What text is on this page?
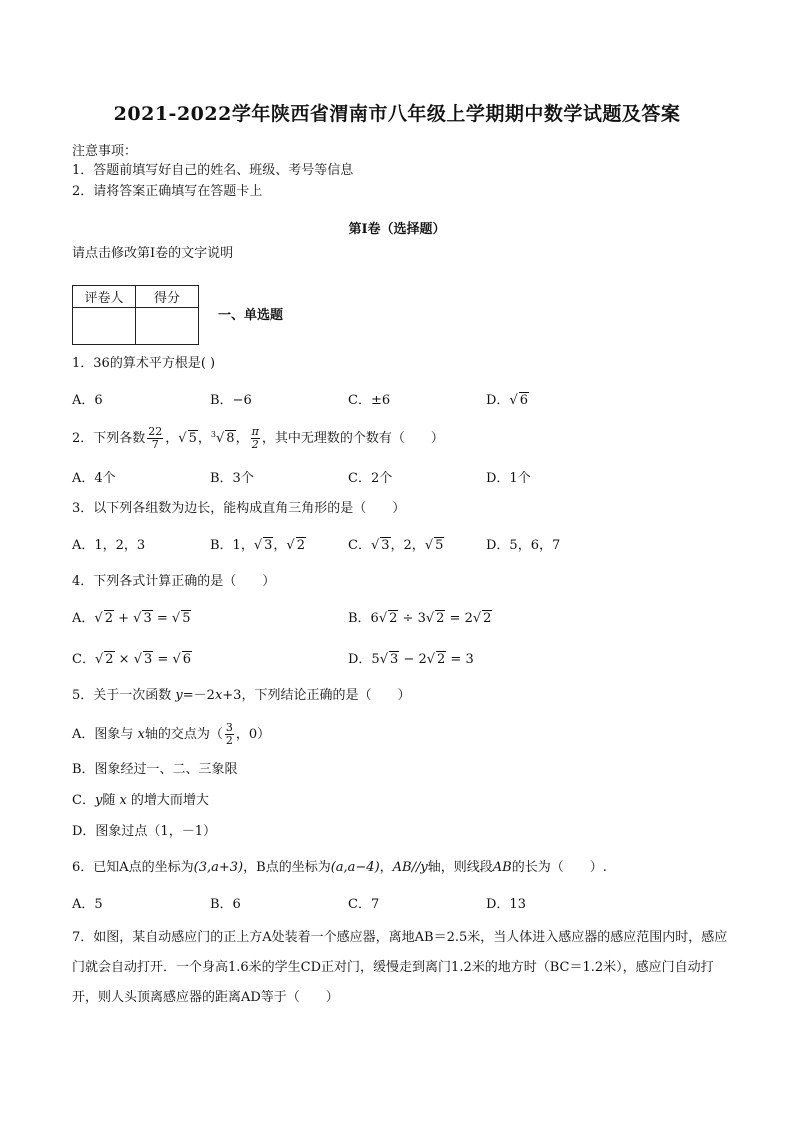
2021-2022学年陕西省渭南市八年级上学期期中数学试题及答案
注意事项：
1．答题前填写好自己的姓名、班级、考号等信息
2．请将答案正确填写在答题卡上
第I卷（选择题）
请点击修改第I卷的文字说明
评卷人	得分

一、单选题
1．36的算术平方根是( )
A．6	B．−6	C．±6	D．√ 6
2．下列各数 $\frac{22}{7}$ ，√ 5，$^3$√ 8， $\frac{\pi}{2}$ ，其中无理数的个数有（　　）
A．4个	B．3个	C．2个	D．1个
3．以下列各组数为边长，能构成直角三角形的是（　　）
A．1，2，3	B．1，√ 3，√ 2	C．√ 3，2，√ 5	D．5，6，7
4．下列各式计算正确的是（　　）
A．√ 2 + √ 3 = √ 5	B．6√ 2 ÷ 3√ 2 = 2√ 2
C．√ 2 × √ 3 = √ 6	D．5√ 3 − 2√ 2 = 3
5．关于一次函数 y=－2x+3，下列结论正确的是（　　）
A．图象与 x轴的交点为（ $\frac{3}{2}$ ，0）
B．图象经过一、二、三象限
C．y随 x 的增大而增大
D．图象过点（1，－1）
6．已知A点的坐标为(3,a+3)，B点的坐标为(a,a−4)，AB//y轴，则线段AB的长为（　　）.
A．5	B．6	C．7	D．13
7．如图，某自动感应门的正上方A处装着一个感应器，离地AB＝2.5米，当人体进入感应器的感应范围内时，感应门就会自动打开．一个身高1.6米的学生CD正对门，缓慢走到离门1.2米的地方时（BC＝1.2米），感应门自动打开，则人头顶离感应器的距离AD等于（　　）
